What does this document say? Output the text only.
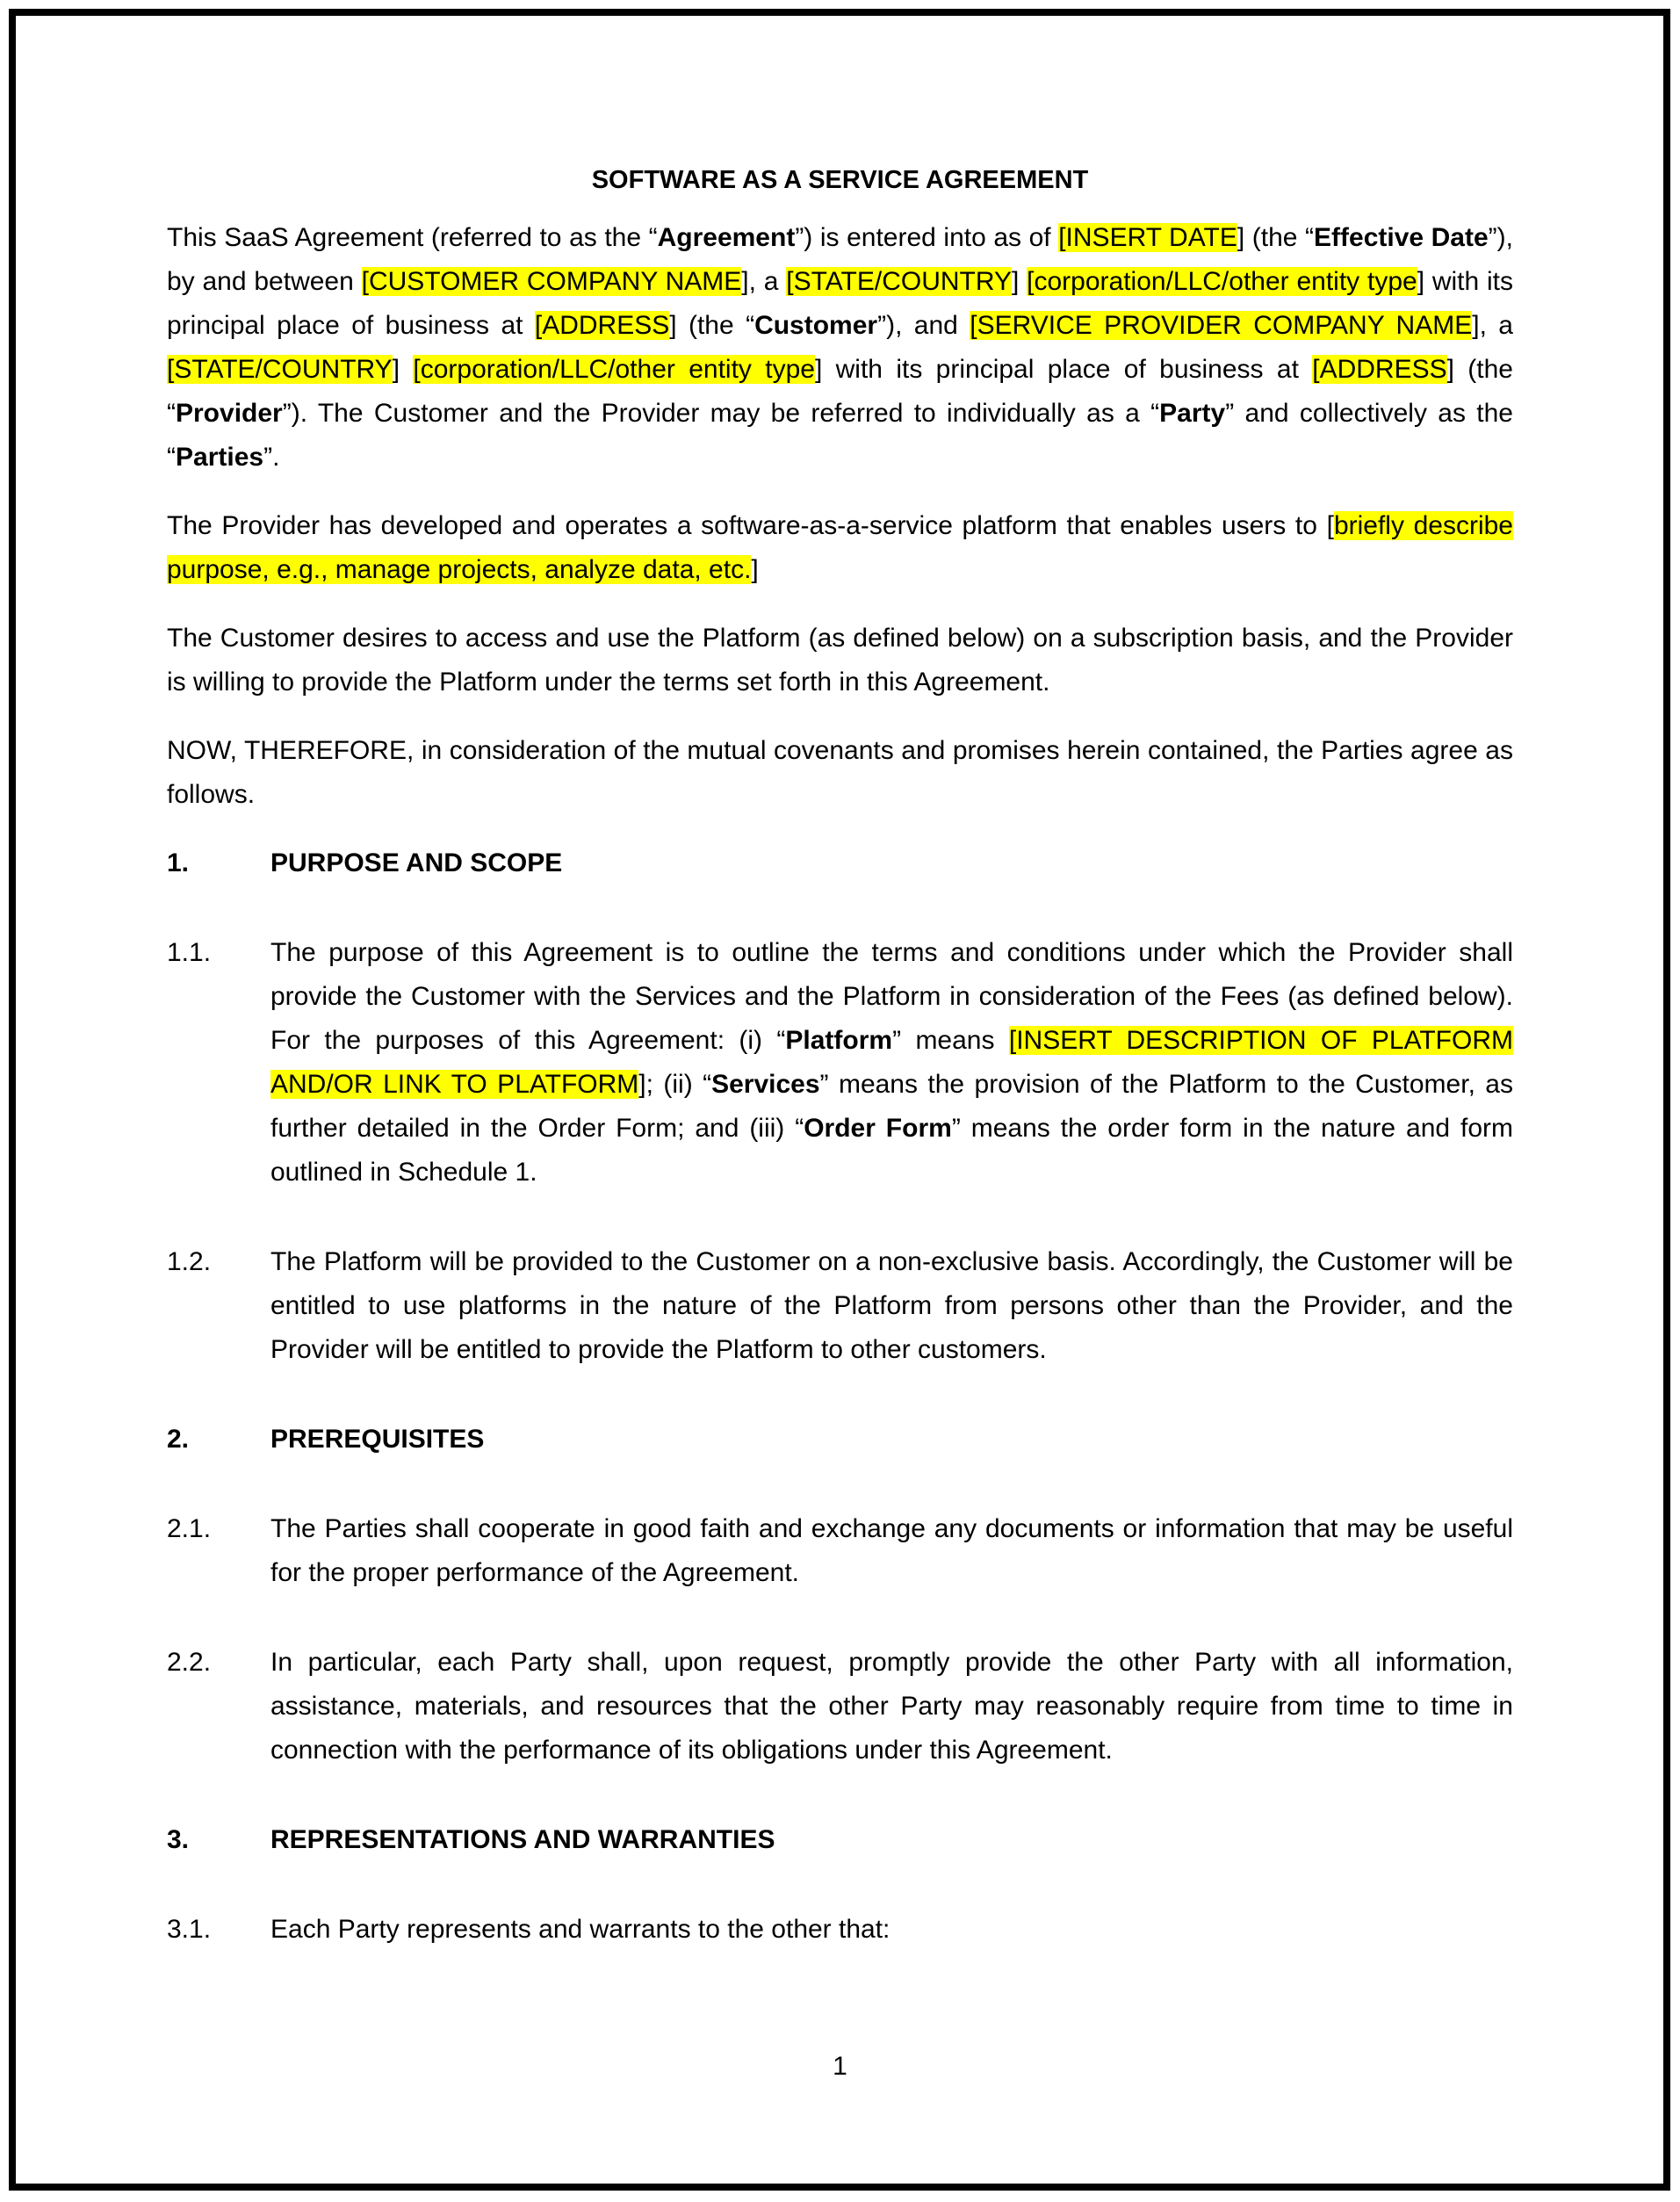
SOFTWARE AS A SERVICE AGREEMENT

This SaaS Agreement (referred to as the “Agreement”) is entered into as of [INSERT DATE] (the “Effective Date”), by and between [CUSTOMER COMPANY NAME], a [STATE/COUNTRY] [corporation/LLC/other entity type] with its principal place of business at [ADDRESS] (the “Customer”), and [SERVICE PROVIDER COMPANY NAME], a [STATE/COUNTRY] [corporation/LLC/other entity type] with its principal place of business at [ADDRESS] (the “Provider”). The Customer and the Provider may be referred to individually as a “Party” and collectively as the “Parties”.

The Provider has developed and operates a software-as-a-service platform that enables users to [briefly describe purpose, e.g., manage projects, analyze data, etc.]

The Customer desires to access and use the Platform (as defined below) on a subscription basis, and the Provider is willing to provide the Platform under the terms set forth in this Agreement.

NOW, THEREFORE, in consideration of the mutual covenants and promises herein contained, the Parties agree as follows.

1.	PURPOSE AND SCOPE
1.1.	The purpose of this Agreement is to outline the terms and conditions under which the Provider shall provide the Customer with the Services and the Platform in consideration of the Fees (as defined below). For the purposes of this Agreement: (i) “Platform” means [INSERT DESCRIPTION OF PLATFORM AND/OR LINK TO PLATFORM]; (ii) “Services” means the provision of the Platform to the Customer, as further detailed in the Order Form; and (iii) “Order Form” means the order form in the nature and form outlined in Schedule 1.
1.2.	The Platform will be provided to the Customer on a non-exclusive basis. Accordingly, the Customer will be entitled to use platforms in the nature of the Platform from persons other than the Provider, and the Provider will be entitled to provide the Platform to other customers.
2.	PREREQUISITES
2.1.	The Parties shall cooperate in good faith and exchange any documents or information that may be useful for the proper performance of the Agreement.
2.2.	In particular, each Party shall, upon request, promptly provide the other Party with all information, assistance, materials, and resources that the other Party may reasonably require from time to time in connection with the performance of its obligations under this Agreement.
3.	REPRESENTATIONS AND WARRANTIES
3.1.	Each Party represents and warrants to the other that:
1
